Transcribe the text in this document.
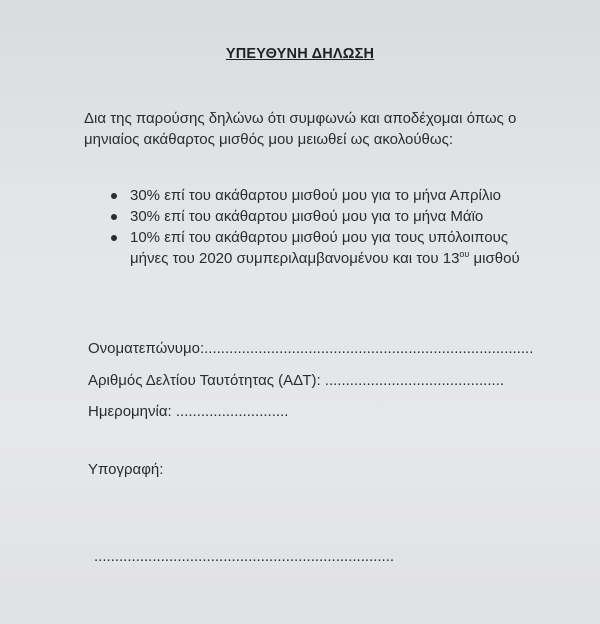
ΥΠΕΥΘΥΝΗ ΔΗΛΩΣΗ
Δια της παρούσης δηλώνω ότι συμφωνώ και αποδέχομαι όπως ο
μηνιαίος ακάθαρτος μισθός μου μειωθεί ως ακολούθως:
30% επί του ακάθαρτου μισθού μου για το μήνα Απρίλιο
30% επί του ακάθαρτου μισθού μου για το μήνα Μάϊο
10% επί του ακάθαρτου μισθού μου για τους υπόλοιπους
μήνες του 2020 συμπεριλαμβανομένου και του $13^{o\upsilon}$ μισθού
Ονοματεπώνυμο:...............................................................................
Αριθμός Δελτίου Ταυτότητας (ΑΔΤ): ...........................................
Ημερομηνία: ...........................
Υπογραφή:
........................................................................
